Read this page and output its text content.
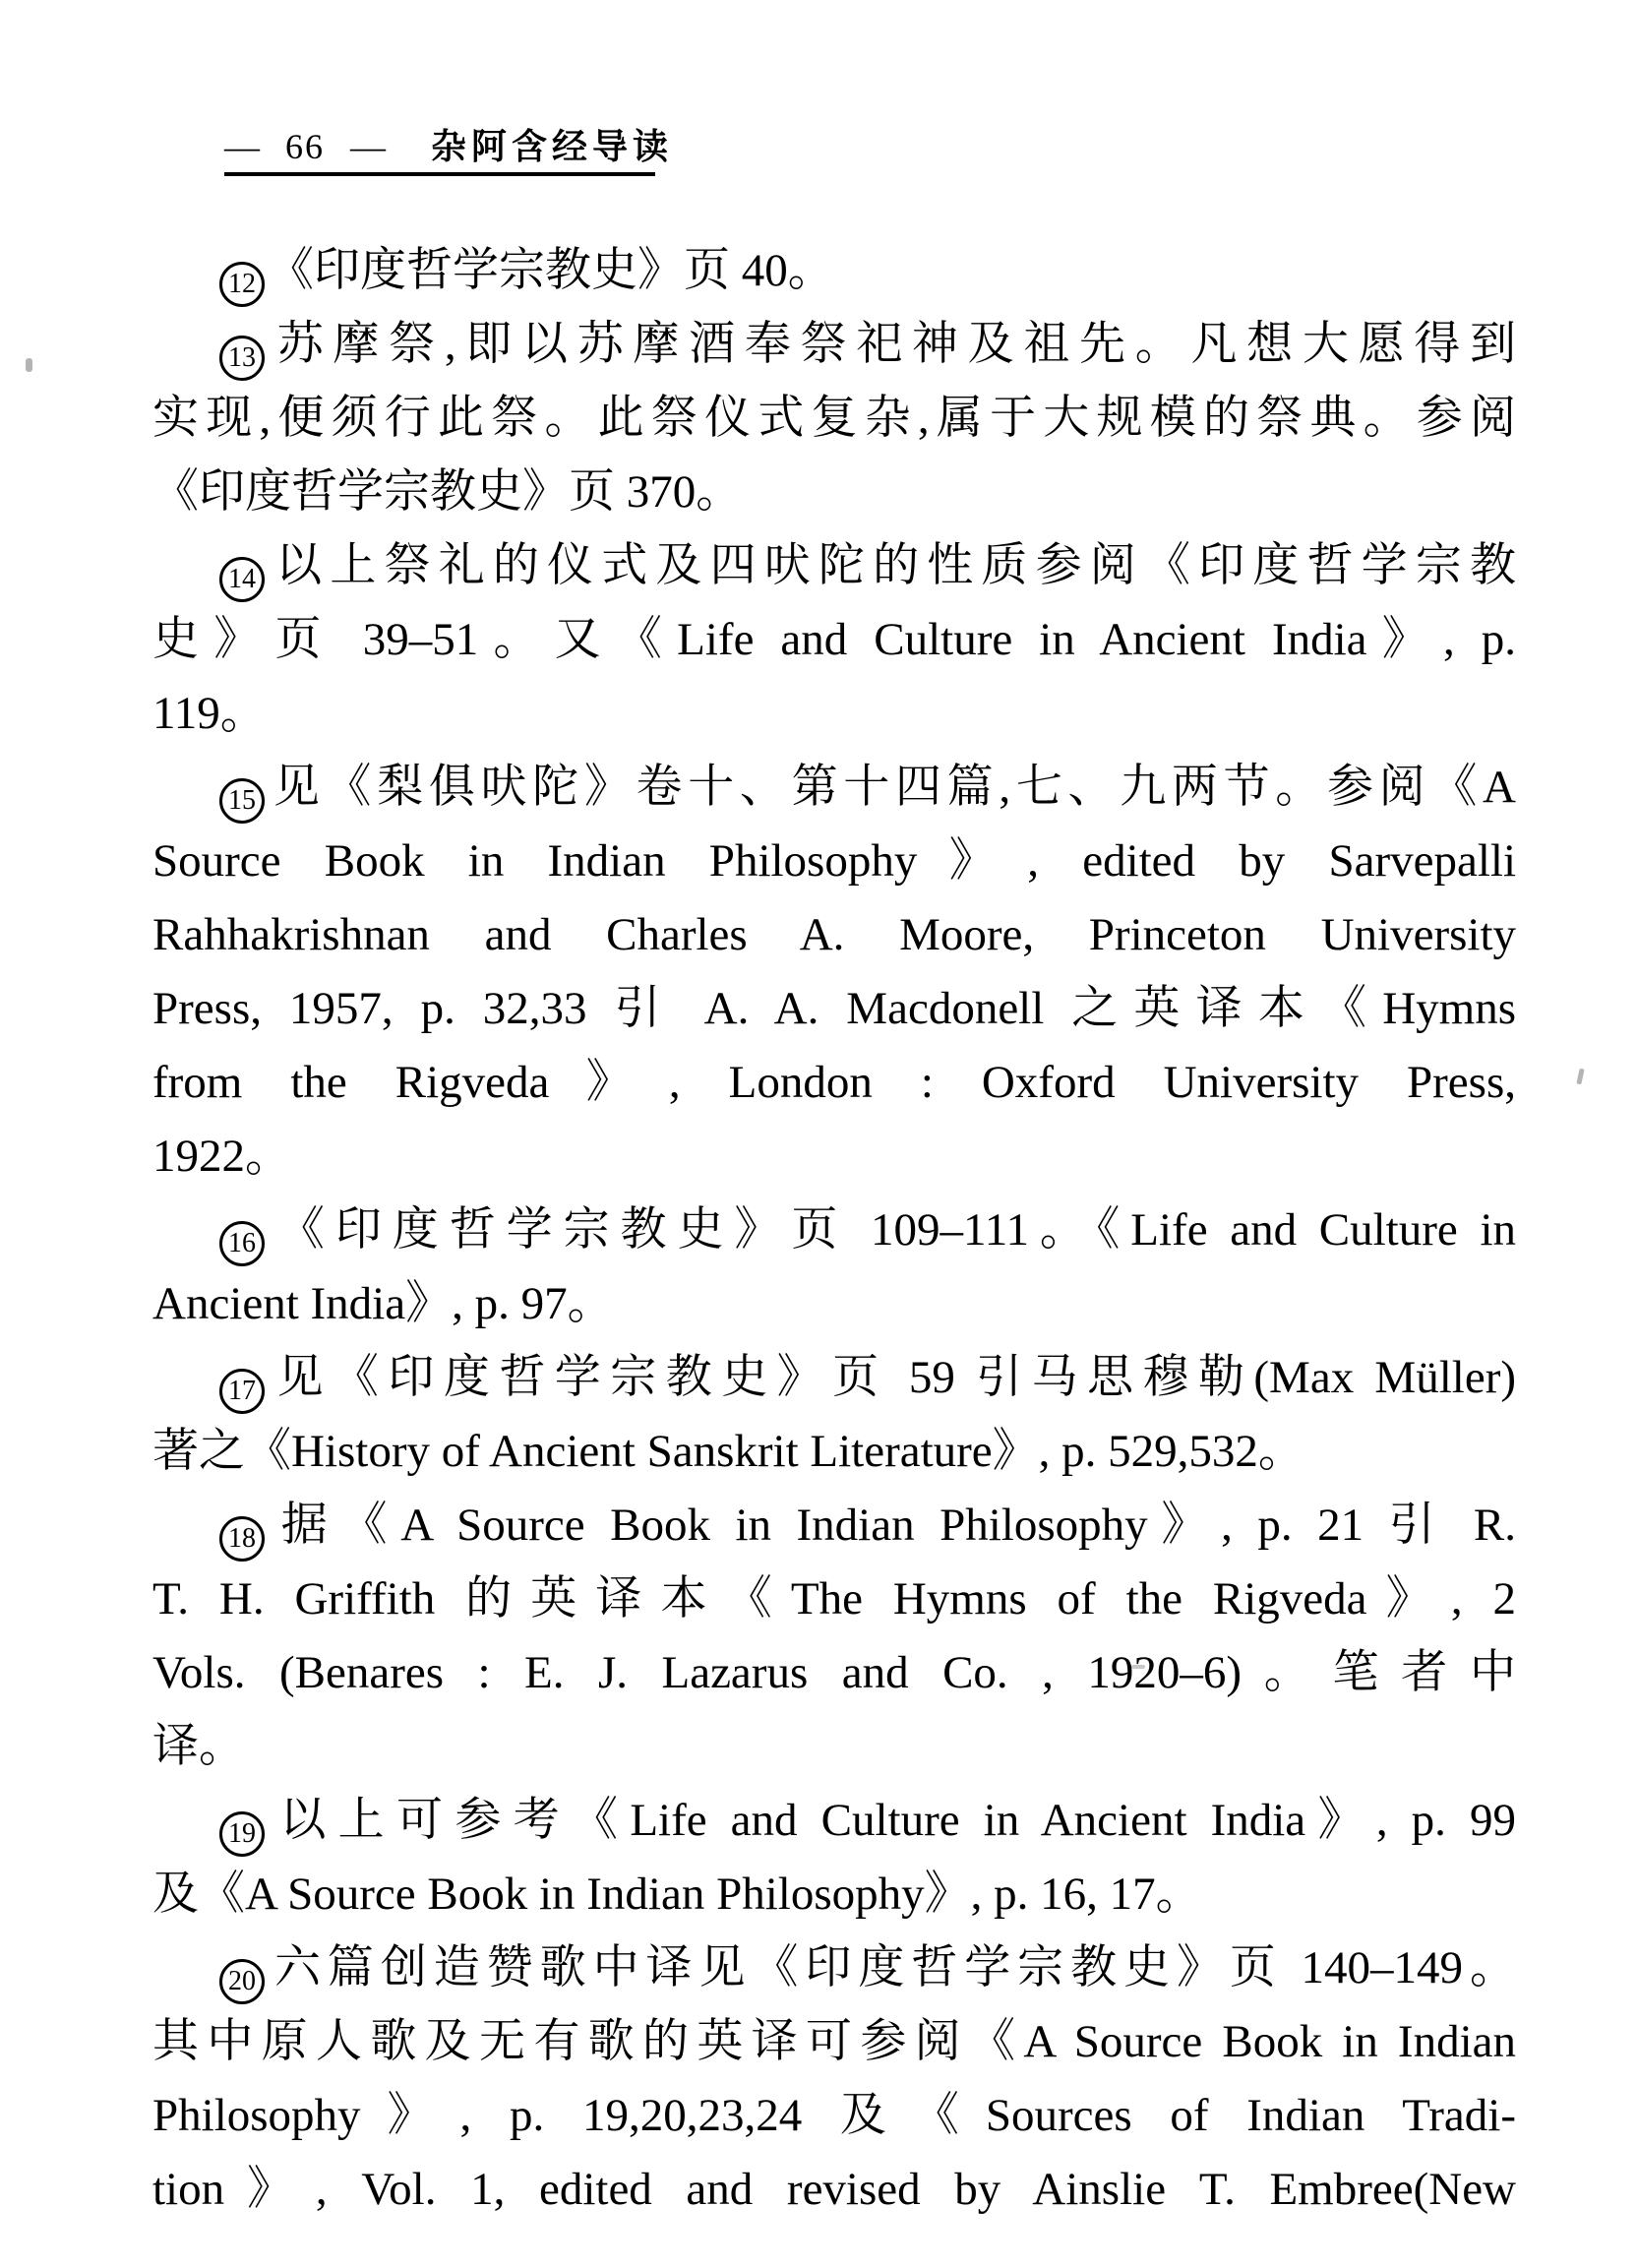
— 66 — 杂阿含经导读
12 《印度哲学宗教史》页 40。
13 苏摩祭,即以苏摩酒奉祭祀神及祖先。凡想大愿得到
实现,便须行此祭。此祭仪式复杂,属于大规模的祭典。参阅
《印度哲学宗教史》页 370。
14 以上祭礼的仪式及四吠陀的性质参阅《印度哲学宗教
史》页 39–51。又《Life and Culture in Ancient India》, p.
119。
15 见《梨俱吠陀》卷十、第十四篇,七、九两节。参阅《A
Source Book in Indian Philosophy》, edited by Sarvepalli
Rahhakrishnan and Charles A. Moore, Princeton University
Press, 1957, p. 32,33 引 A. A. Macdonell 之英译本《Hymns
from the Rigveda》, London : Oxford University Press,
1922。
16 《印度哲学宗教史》页 109–111。《Life and Culture in
Ancient India》, p. 97。
17 见《印度哲学宗教史》页 59 引马思穆勒(Max Müller)
著之《History of Ancient Sanskrit Literature》, p. 529,532。
18 据《A Source Book in Indian Philosophy》, p. 21 引 R.
T. H. Griffith 的英译本《The Hymns of the Rigveda》, 2
Vols. (Benares : E. J. Lazarus and Co. , 1920–6)。笔者中
译。
19 以上可参考《Life and Culture in Ancient India》, p. 99
及《A Source Book in Indian Philosophy》, p. 16, 17。
20 六篇创造赞歌中译见《印度哲学宗教史》页 140–149。
其中原人歌及无有歌的英译可参阅《A Source Book in Indian
Philosophy》, p. 19,20,23,24 及《Sources of Indian Tradi-
tion》, Vol. 1, edited and revised by Ainslie T. Embree(New
